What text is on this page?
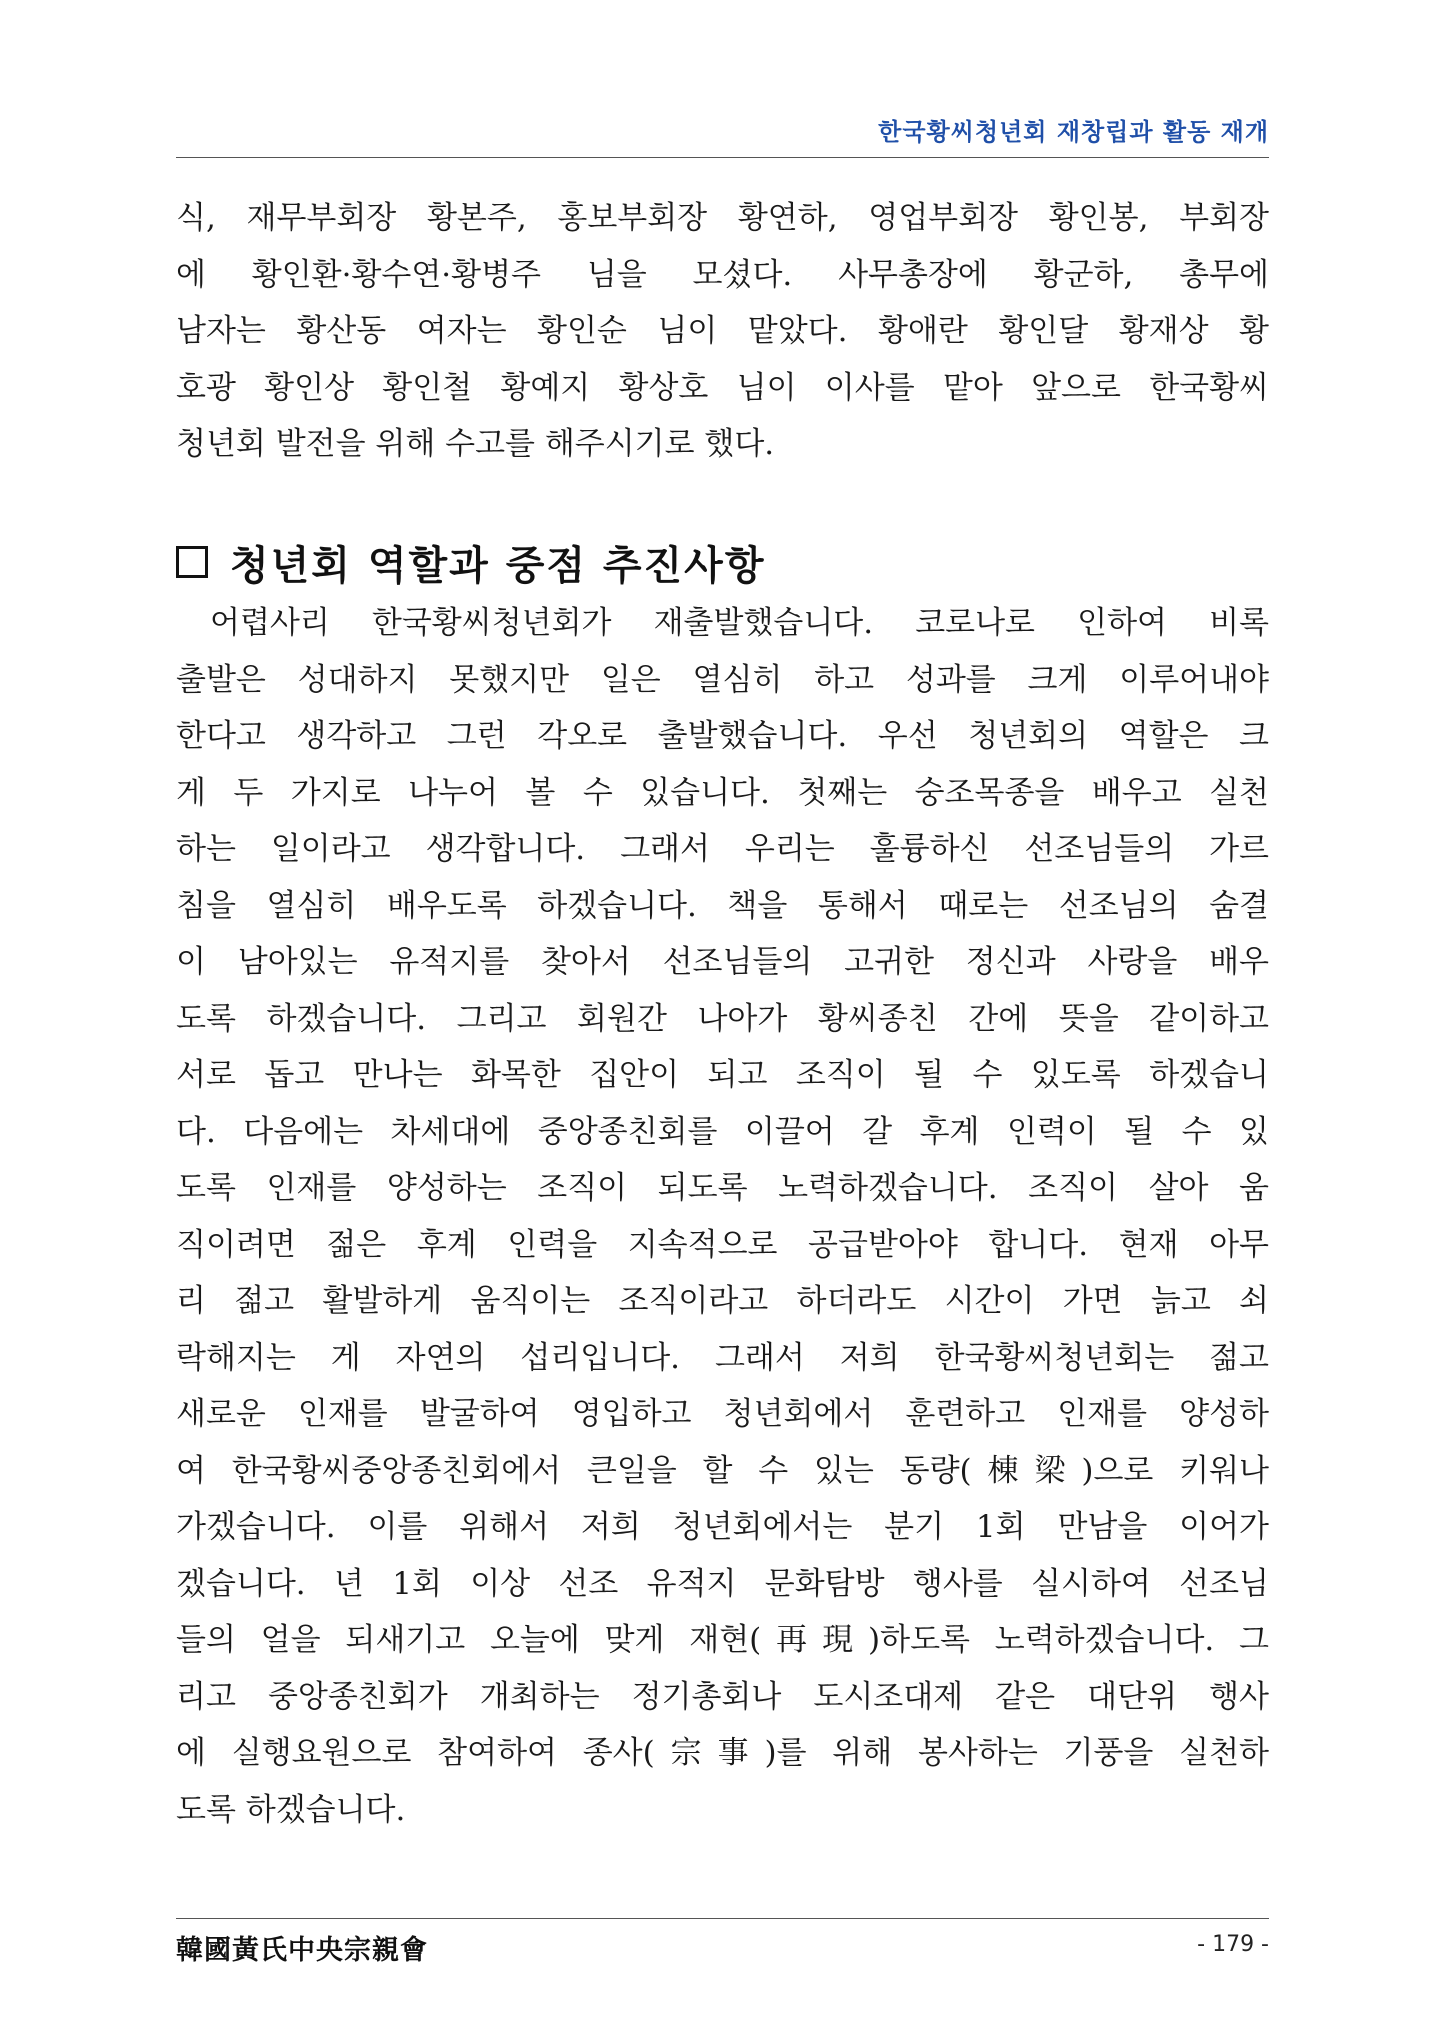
한국황씨청년회 재창립과 활동 재개
식, 재무부회장 황본주, 홍보부회장 황연하, 영업부회장 황인봉, 부회장
에 황인환·황수연·황병주 님을 모셨다. 사무총장에 황군하, 총무에
남자는 황산동 여자는 황인순 님이 맡았다. 황애란 황인달 황재상 황
호광 황인상 황인철 황예지 황상호 님이 이사를 맡아 앞으로 한국황씨
청년회 발전을 위해 수고를 해주시기로 했다.
청년회 역할과 중점 추진사항
어렵사리 한국황씨청년회가 재출발했습니다. 코로나로 인하여 비록
출발은 성대하지 못했지만 일은 열심히 하고 성과를 크게 이루어내야
한다고 생각하고 그런 각오로 출발했습니다. 우선 청년회의 역할은 크
게 두 가지로 나누어 볼 수 있습니다. 첫째는 숭조목종을 배우고 실천
하는 일이라고 생각합니다. 그래서 우리는 훌륭하신 선조님들의 가르
침을 열심히 배우도록 하겠습니다. 책을 통해서 때로는 선조님의 숨결
이 남아있는 유적지를 찾아서 선조님들의 고귀한 정신과 사랑을 배우
도록 하겠습니다. 그리고 회원간 나아가 황씨종친 간에 뜻을 같이하고
서로 돕고 만나는 화목한 집안이 되고 조직이 될 수 있도록 하겠습니
다. 다음에는 차세대에 중앙종친회를 이끌어 갈 후계 인력이 될 수 있
도록 인재를 양성하는 조직이 되도록 노력하겠습니다. 조직이 살아 움
직이려면 젊은 후계 인력을 지속적으로 공급받아야 합니다. 현재 아무
리 젊고 활발하게 움직이는 조직이라고 하더라도 시간이 가면 늙고 쇠
락해지는 게 자연의 섭리입니다. 그래서 저희 한국황씨청년회는 젊고
새로운 인재를 발굴하여 영입하고 청년회에서 훈련하고 인재를 양성하
여 한국황씨중앙종친회에서 큰일을 할 수 있는 동량(棟梁)으로 키워나
가겠습니다. 이를 위해서 저희 청년회에서는 분기 1회 만남을 이어가
겠습니다. 년 1회 이상 선조 유적지 문화탐방 행사를 실시하여 선조님
들의 얼을 되새기고 오늘에 맞게 재현(再現)하도록 노력하겠습니다. 그
리고 중앙종친회가 개최하는 정기총회나 도시조대제 같은 대단위 행사
에 실행요원으로 참여하여 종사(宗事)를 위해 봉사하는 기풍을 실천하
도록 하겠습니다.
韓國黃氏中央宗親會	- 179 -
